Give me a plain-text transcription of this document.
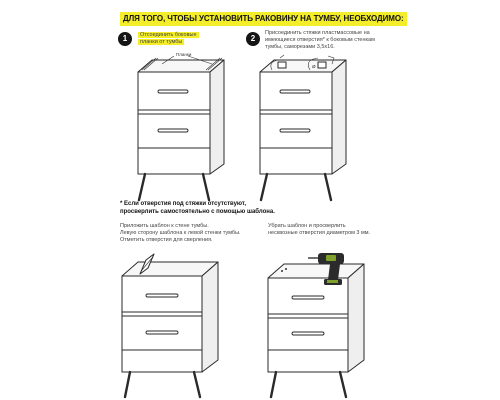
ДЛЯ ТОГО, ЧТОБЫ УСТАНОВИТЬ РАКОВИНУ НА ТУМБУ, НЕОБХОДИМО:
1	Отсоединить боковые
планки от тумбы	2
Присоединить стяжки пластмассовые на
имеющиеся отверстия* к боковым стенкам
тумбы, саморезами 3,5х16.
Планки
⌀
* Если отверстия под стяжки отсутствуют,
просверлить самостоятельно с помощью шаблона.
Приложить шаблон к стене тумбы.
Левую сторону шаблона к левой стенки тумбы.
Отметить отверстия для сверления.
Убрать шаблон и просверлить
несквозные отверстия диаметром 3 мм.
